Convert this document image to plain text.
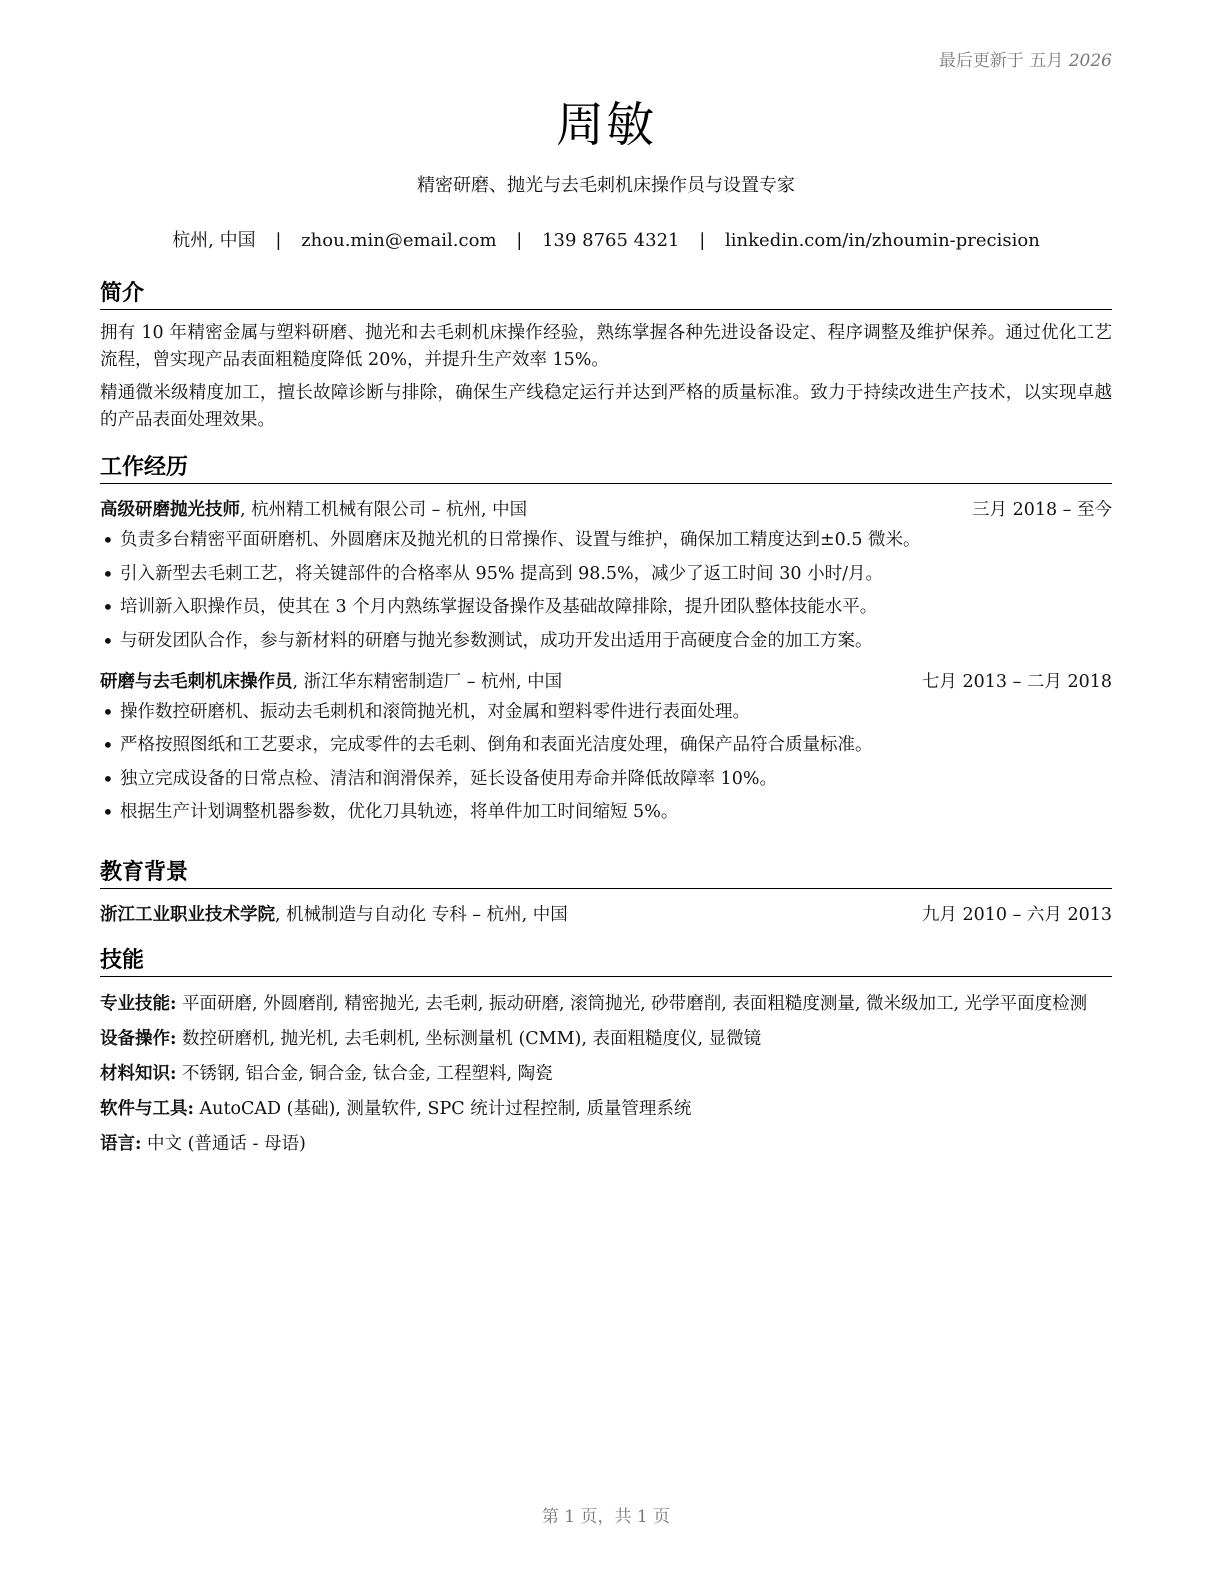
最后更新于 五月 2026
周敏
精密研磨、抛光与去毛刺机床操作员与设置专家
杭州, 中国 | zhou.min@email.com | 139 8765 4321 | linkedin.com/in/zhoumin-precision
简介

拥有 10 年精密金属与塑料研磨、抛光和去毛刺机床操作经验，熟练掌握各种先进设备设定、程序调整及维护保养。通过优化工艺流程，曾实现产品表面粗糙度降低 20%，并提升生产效率 15%。

精通微米级精度加工，擅长故障诊断与排除，确保生产线稳定运行并达到严格的质量标准。致力于持续改进生产技术，以实现卓越的产品表面处理效果。

工作经历
高级研磨抛光技师, 杭州精工机械有限公司 – 杭州, 中国	三月 2018 – 至今
• 负责多台精密平面研磨机、外圆磨床及抛光机的日常操作、设置与维护，确保加工精度达到±0.5 微米。
• 引入新型去毛刺工艺，将关键部件的合格率从 95% 提高到 98.5%，减少了返工时间 30 小时/月。
• 培训新入职操作员，使其在 3 个月内熟练掌握设备操作及基础故障排除，提升团队整体技能水平。
• 与研发团队合作，参与新材料的研磨与抛光参数测试，成功开发出适用于高硬度合金的加工方案。
研磨与去毛刺机床操作员, 浙江华东精密制造厂 – 杭州, 中国	七月 2013 – 二月 2018
• 操作数控研磨机、振动去毛刺机和滚筒抛光机，对金属和塑料零件进行表面处理。
• 严格按照图纸和工艺要求，完成零件的去毛刺、倒角和表面光洁度处理，确保产品符合质量标准。
• 独立完成设备的日常点检、清洁和润滑保养，延长设备使用寿命并降低故障率 10%。
• 根据生产计划调整机器参数，优化刀具轨迹，将单件加工时间缩短 5%。
教育背景
浙江工业职业技术学院, 机械制造与自动化 专科 – 杭州, 中国	九月 2010 – 六月 2013
技能

专业技能: 平面研磨, 外圆磨削, 精密抛光, 去毛刺, 振动研磨, 滚筒抛光, 砂带磨削, 表面粗糙度测量, 微米级加工, 光学平面度检测

设备操作: 数控研磨机, 抛光机, 去毛刺机, 坐标测量机 (CMM), 表面粗糙度仪, 显微镜

材料知识: 不锈钢, 铝合金, 铜合金, 钛合金, 工程塑料, 陶瓷

软件与工具: AutoCAD (基础), 测量软件, SPC 统计过程控制, 质量管理系统

语言: 中文 (普通话 - 母语)

第 1 页，共 1 页
